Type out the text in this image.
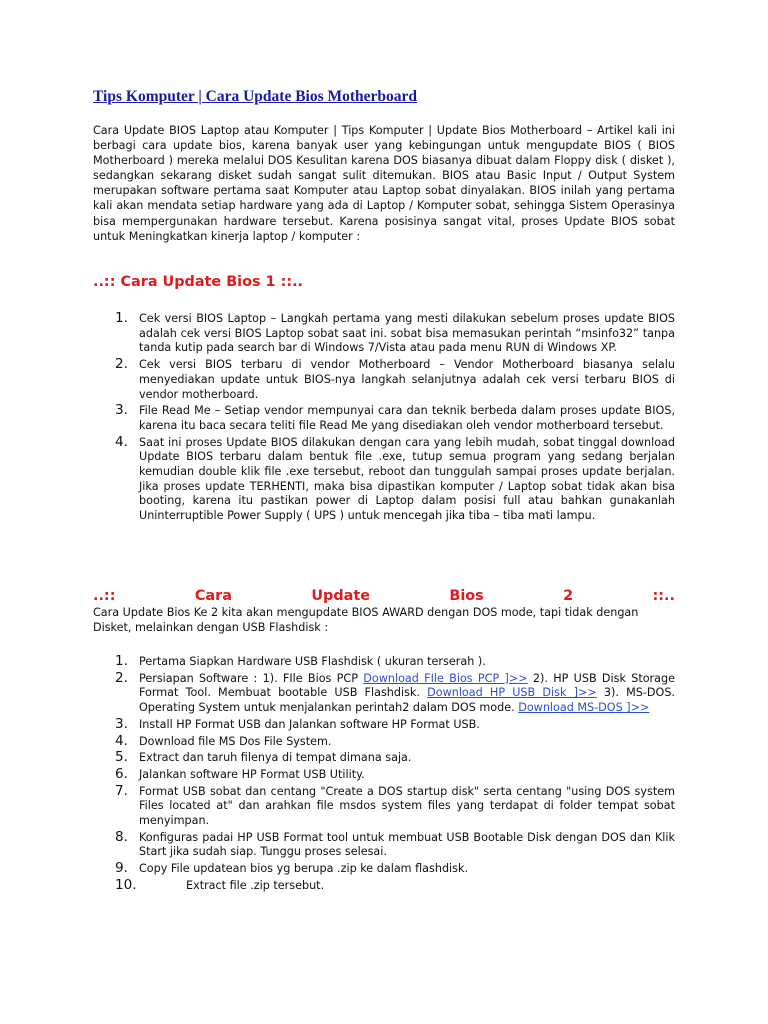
Tips Komputer | Cara Update Bios Motherboard

Cara Update BIOS Laptop atau Komputer | Tips Komputer | Update Bios Motherboard – Artikel kali ini berbagi cara update bios, karena banyak user yang kebingungan untuk mengupdate BIOS ( BIOS Motherboard ) mereka melalui DOS Kesulitan karena DOS biasanya dibuat dalam Floppy disk ( disket ), sedangkan sekarang disket sudah sangat sulit ditemukan. BIOS atau Basic Input / Output System merupakan software pertama saat Komputer atau Laptop sobat dinyalakan. BIOS inilah yang pertama kali akan mendata setiap hardware yang ada di Laptop / Komputer sobat, sehingga Sistem Operasinya bisa mempergunakan hardware tersebut. Karena posisinya sangat vital, proses Update BIOS sobat untuk Meningkatkan kinerja laptop / komputer :

..:: Cara Update Bios 1 ::..
1. Cek versi BIOS Laptop – Langkah pertama yang mesti dilakukan sebelum proses update BIOS adalah cek versi BIOS Laptop sobat saat ini. sobat bisa memasukan perintah “msinfo32” tanpa tanda kutip pada search bar di Windows 7/Vista atau pada menu RUN di Windows XP.
2. Cek versi BIOS terbaru di vendor Motherboard – Vendor Motherboard biasanya selalu menyediakan update untuk BIOS-nya langkah selanjutnya adalah cek versi terbaru BIOS di vendor motherboard.
3. File Read Me – Setiap vendor mempunyai cara dan teknik berbeda dalam proses update BIOS, karena itu baca secara teliti file Read Me yang disediakan oleh vendor motherboard tersebut.
4. Saat ini proses Update BIOS dilakukan dengan cara yang lebih mudah, sobat tinggal download Update BIOS terbaru dalam bentuk file .exe, tutup semua program yang sedang berjalan kemudian double klik file .exe tersebut, reboot dan tunggulah sampai proses update berjalan. Jika proses update TERHENTI, maka bisa dipastikan komputer / Laptop sobat tidak akan bisa booting, karena itu pastikan power di Laptop dalam posisi full atau bahkan gunakanlah Uninterruptible Power Supply ( UPS ) untuk mencegah jika tiba – tiba mati lampu.
..::	Cara	Update	Bios	2	::..

Cara Update Bios Ke 2 kita akan mengupdate BIOS AWARD dengan DOS mode, tapi tidak dengan Disket, melainkan dengan USB Flashdisk :

1. Pertama Siapkan Hardware USB Flashdisk ( ukuran terserah ).
2. Persiapan Software : 1). FIle Bios PCP Download FIle Bios PCP ]>> 2). HP USB Disk Storage Format Tool. Membuat bootable USB Flashdisk. Download HP USB Disk ]>> 3). MS-DOS. Operating System untuk menjalankan perintah2 dalam DOS mode. Download MS-DOS ]>>
3. Install HP Format USB dan Jalankan software HP Format USB.
4. Download file MS Dos File System.
5. Extract dan taruh filenya di tempat dimana saja.
6. Jalankan software HP Format USB Utility.
7. Format USB sobat dan centang "Create a DOS startup disk" serta centang "using DOS system Files located at" dan arahkan file msdos system files yang terdapat di folder tempat sobat menyimpan.
8. Konfiguras padai HP USB Format tool untuk membuat USB Bootable Disk dengan DOS dan Klik Start jika sudah siap. Tunggu proses selesai.
9. Copy File updatean bios yg berupa .zip ke dalam flashdisk.
10.	Extract file .zip tersebut.
